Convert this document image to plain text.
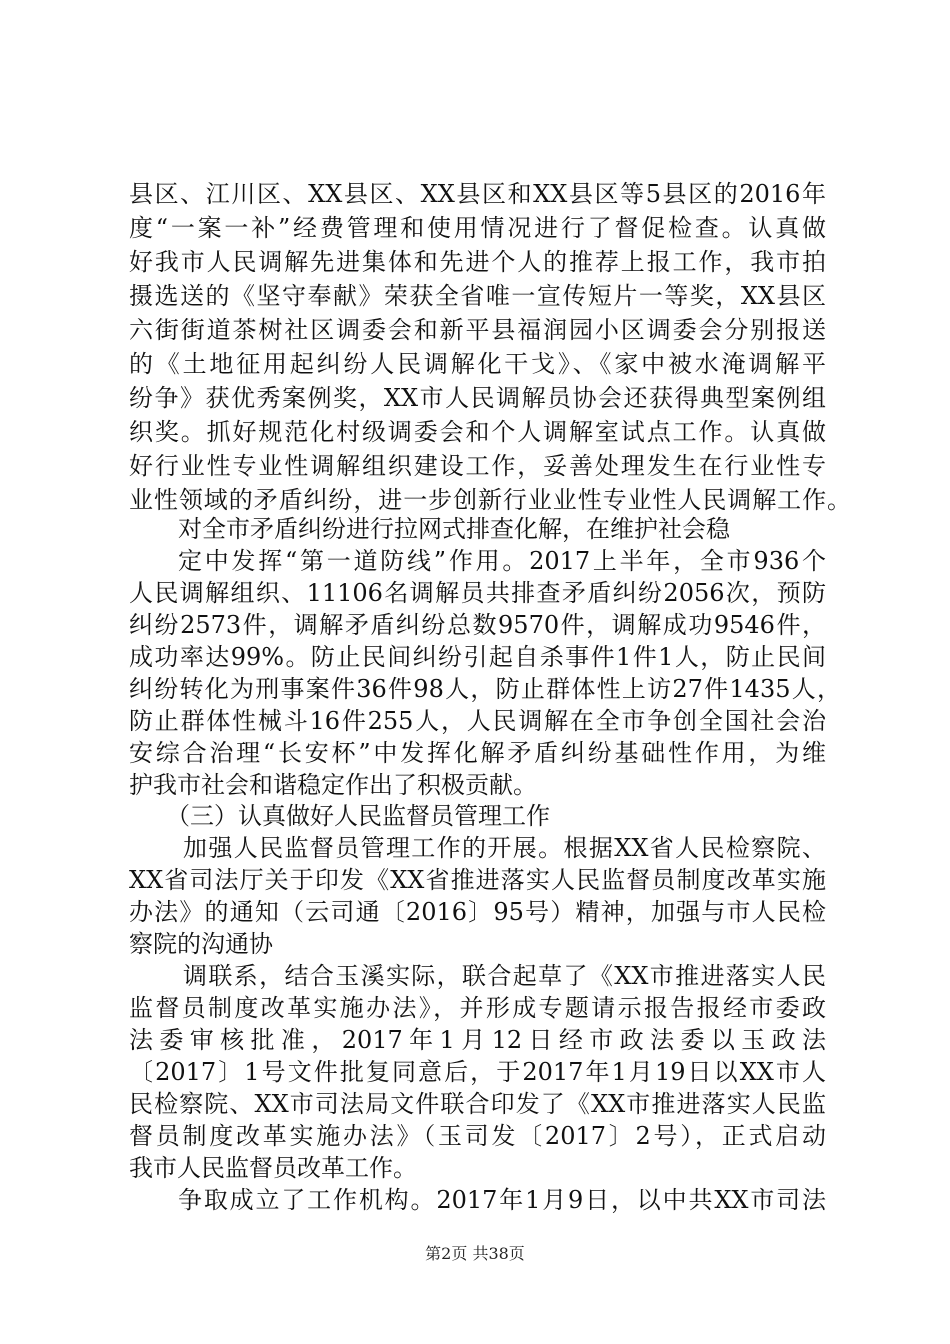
县区、江川区、XX县区、XX县区和XX县区等5县区的2016年
度“一案一补”经费管理和使用情况进行了督促检查。认真做
好我市人民调解先进集体和先进个人的推荐上报工作，我市拍
摄选送的《坚守奉献》荣获全省唯一宣传短片一等奖，XX县区
六街街道茶树社区调委会和新平县福润园小区调委会分别报送
的《土地征用起纠纷人民调解化干戈》、《家中被水淹调解平
纷争》获优秀案例奖，XX市人民调解员协会还获得典型案例组
织奖。抓好规范化村级调委会和个人调解室试点工作。认真做
好行业性专业性调解组织建设工作，妥善处理发生在行业性专
业性领域的矛盾纠纷，进一步创新行业业性专业性人民调解工作。
对全市矛盾纠纷进行拉网式排查化解，在维护社会稳
定中发挥“第一道防线”作用。2017上半年，全市936个
人民调解组织、11106名调解员共排查矛盾纠纷2056次，预防
纠纷2573件，调解矛盾纠纷总数9570件，调解成功9546件，
成功率达99%。防止民间纠纷引起自杀事件1件1人，防止民间
纠纷转化为刑事案件36件98人，防止群体性上访27件1435人，
防止群体性械斗16件255人，人民调解在全市争创全国社会治
安综合治理“长安杯”中发挥化解矛盾纠纷基础性作用，为维
护我市社会和谐稳定作出了积极贡献。
（三）认真做好人民监督员管理工作
加强人民监督员管理工作的开展。根据XX省人民检察院、
XX省司法厅关于印发《XX省推进落实人民监督员制度改革实施
办法》的通知（云司通〔2016〕95号）精神，加强与市人民检
察院的沟通协
调联系，结合玉溪实际，联合起草了《XX市推进落实人民
监督员制度改革实施办法》，并形成专题请示报告报经市委政
法委审核批准，2017年1月12日经市政法委以玉政法
〔2017〕1号文件批复同意后，于2017年1月19日以XX市人
民检察院、XX市司法局文件联合印发了《XX市推进落实人民监
督员制度改革实施办法》（玉司发〔2017〕2号），正式启动
我市人民监督员改革工作。
争取成立了工作机构。2017年1月9日，以中共XX市司法
第2页 共38页
